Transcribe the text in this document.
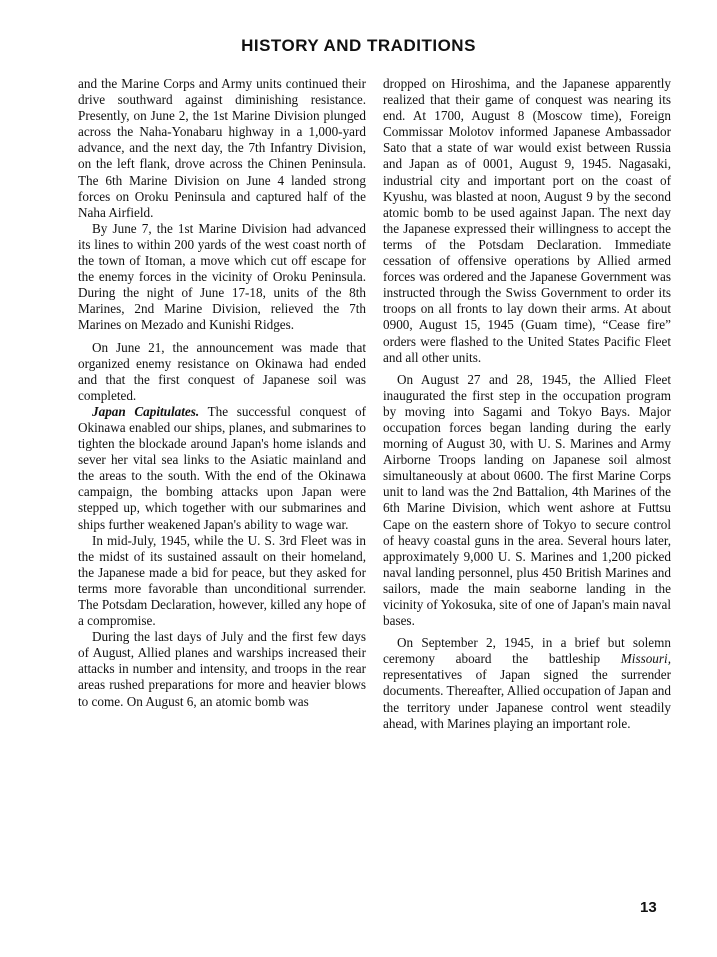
HISTORY AND TRADITIONS

and the Marine Corps and Army units continued their drive southward against diminishing resistance. Presently, on June 2, the 1st Marine Division plunged across the Naha-Yonabaru highway in a 1,000-yard advance, and the next day, the 7th Infantry Division, on the left flank, drove across the Chinen Peninsula. The 6th Marine Division on June 4 landed strong forces on Oroku Peninsula and captured half of the Naha Airfield.

By June 7, the 1st Marine Division had advanced its lines to within 200 yards of the west coast north of the town of Itoman, a move which cut off escape for the enemy forces in the vicinity of Oroku Peninsula. During the night of June 17-18, units of the 8th Marines, 2nd Marine Division, relieved the 7th Marines on Mezado and Kunishi Ridges.

On June 21, the announcement was made that organized enemy resistance on Okinawa had ended and that the first conquest of Japanese soil was completed.

Japan Capitulates. The successful conquest of Okinawa enabled our ships, planes, and submarines to tighten the blockade around Japan's home islands and sever her vital sea links to the Asiatic mainland and the areas to the south. With the end of the Okinawa campaign, the bombing attacks upon Japan were stepped up, which together with our submarines and ships further weakened Japan's ability to wage war.

In mid-July, 1945, while the U. S. 3rd Fleet was in the midst of its sustained assault on their homeland, the Japanese made a bid for peace, but they asked for terms more favorable than unconditional surrender. The Potsdam Declaration, however, killed any hope of a compromise.

During the last days of July and the first few days of August, Allied planes and warships increased their attacks in number and intensity, and troops in the rear areas rushed preparations for more and heavier blows to come. On August 6, an atomic bomb was

dropped on Hiroshima, and the Japanese apparently realized that their game of conquest was nearing its end. At 1700, August 8 (Moscow time), Foreign Commissar Molotov informed Japanese Ambassador Sato that a state of war would exist between Russia and Japan as of 0001, August 9, 1945. Nagasaki, industrial city and important port on the coast of Kyushu, was blasted at noon, August 9 by the second atomic bomb to be used against Japan. The next day the Japanese expressed their willingness to accept the terms of the Potsdam Declaration. Immediate cessation of offensive operations by Allied armed forces was ordered and the Japanese Government was instructed through the Swiss Government to order its troops on all fronts to lay down their arms. At about 0900, August 15, 1945 (Guam time), “Cease fire” orders were flashed to the United States Pacific Fleet and all other units.

On August 27 and 28, 1945, the Allied Fleet inaugurated the first step in the occupation program by moving into Sagami and Tokyo Bays. Major occupation forces began landing during the early morning of August 30, with U. S. Marines and Army Airborne Troops landing on Japanese soil almost simultaneously at about 0600. The first Marine Corps unit to land was the 2nd Battalion, 4th Marines of the 6th Marine Division, which went ashore at Futtsu Cape on the eastern shore of Tokyo to secure control of heavy coastal guns in the area. Several hours later, approximately 9,000 U. S. Marines and 1,200 picked naval landing personnel, plus 450 British Marines and sailors, made the main seaborne landing in the vicinity of Yokosuka, site of one of Japan's main naval bases.

On September 2, 1945, in a brief but solemn ceremony aboard the battleship Missouri, representatives of Japan signed the surrender documents. Thereafter, Allied occupation of Japan and the territory under Japanese control went steadily ahead, with Marines playing an important role.

13
